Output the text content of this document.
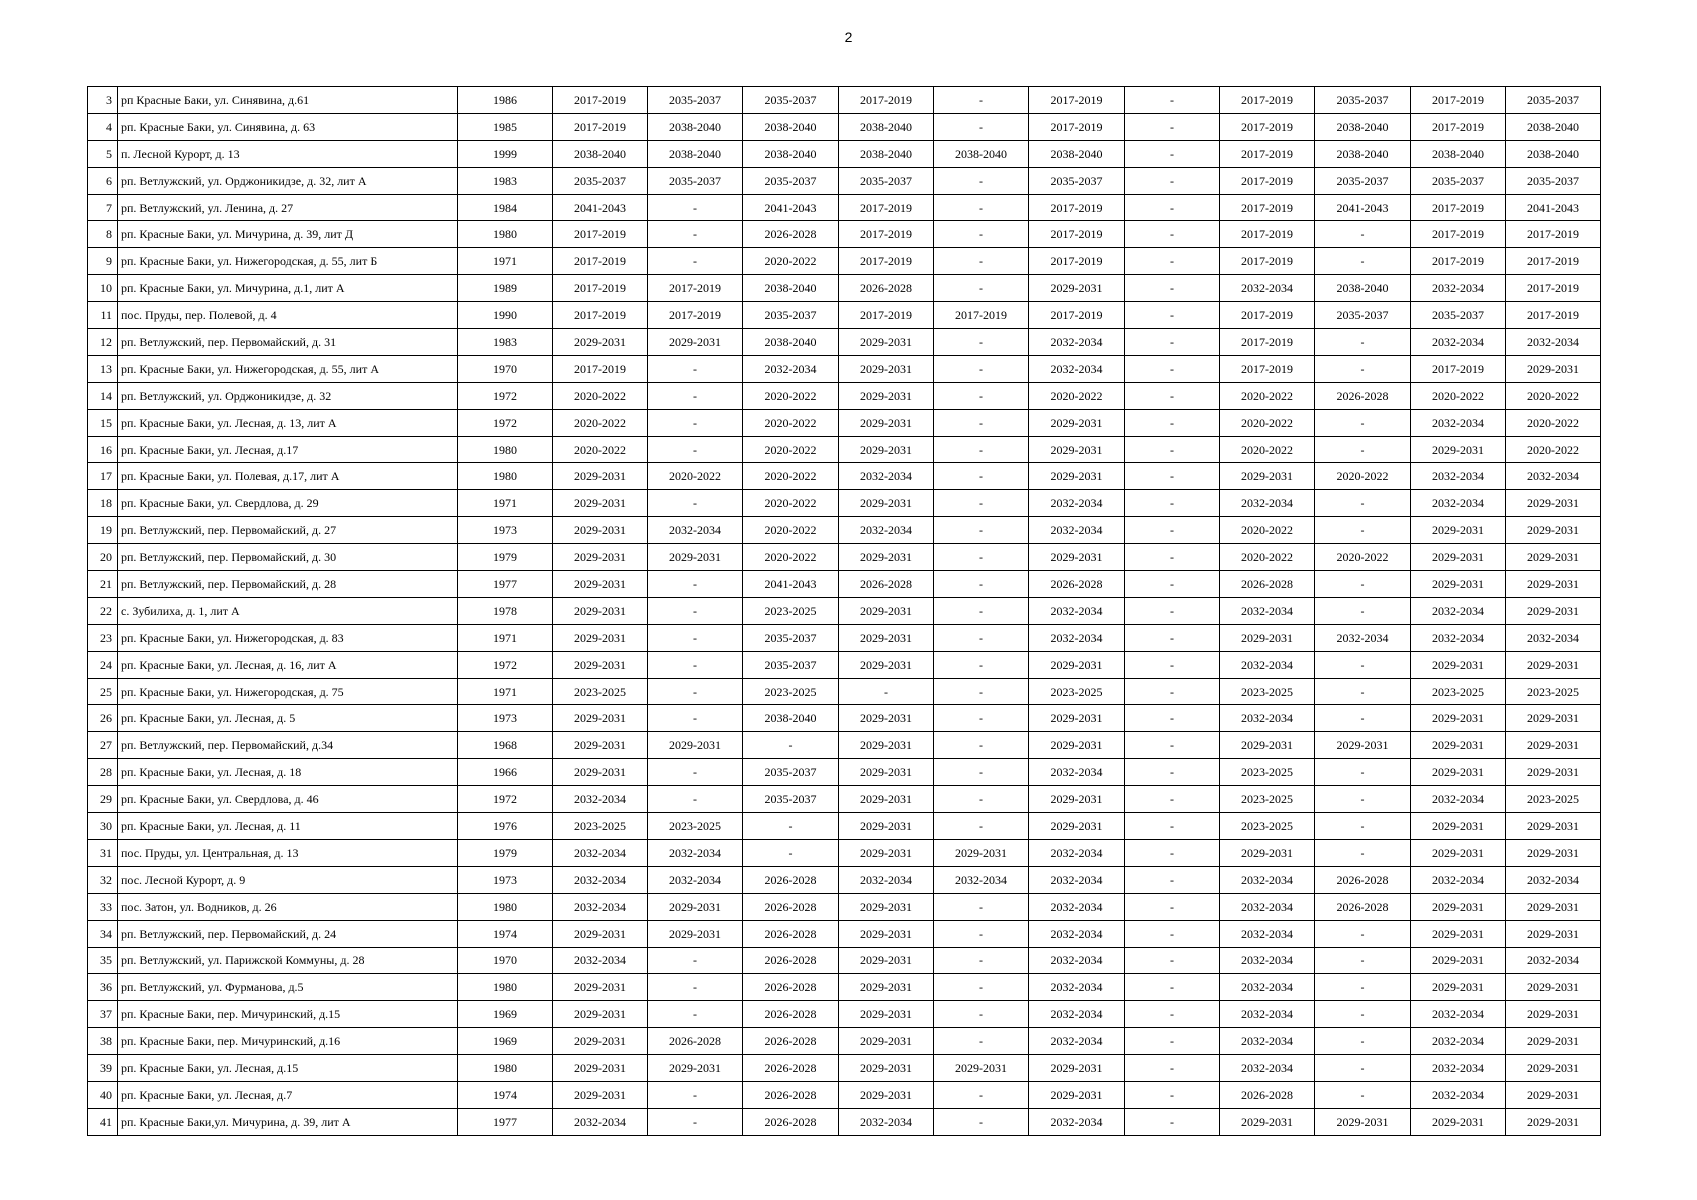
2
3	рп Красные Баки, ул. Синявина, д.61	1986	2017-2019	2035-2037	2035-2037	2017-2019	-	2017-2019	-	2017-2019	2035-2037	2017-2019	2035-2037
4	рп. Красные Баки, ул. Синявина, д. 63	1985	2017-2019	2038-2040	2038-2040	2038-2040	-	2017-2019	-	2017-2019	2038-2040	2017-2019	2038-2040
5	п. Лесной Курорт, д. 13	1999	2038-2040	2038-2040	2038-2040	2038-2040	2038-2040	2038-2040	-	2017-2019	2038-2040	2038-2040	2038-2040
6	рп. Ветлужский, ул. Орджоникидзе, д. 32, лит А	1983	2035-2037	2035-2037	2035-2037	2035-2037	-	2035-2037	-	2017-2019	2035-2037	2035-2037	2035-2037
7	рп. Ветлужский, ул. Ленина, д. 27	1984	2041-2043	-	2041-2043	2017-2019	-	2017-2019	-	2017-2019	2041-2043	2017-2019	2041-2043
8	рп. Красные Баки, ул. Мичурина, д. 39, лит Д	1980	2017-2019	-	2026-2028	2017-2019	-	2017-2019	-	2017-2019	-	2017-2019	2017-2019
9	рп. Красные Баки, ул. Нижегородская, д. 55, лит Б	1971	2017-2019	-	2020-2022	2017-2019	-	2017-2019	-	2017-2019	-	2017-2019	2017-2019
10	рп. Красные Баки, ул. Мичурина, д.1, лит А	1989	2017-2019	2017-2019	2038-2040	2026-2028	-	2029-2031	-	2032-2034	2038-2040	2032-2034	2017-2019
11	пос. Пруды, пер. Полевой, д. 4	1990	2017-2019	2017-2019	2035-2037	2017-2019	2017-2019	2017-2019	-	2017-2019	2035-2037	2035-2037	2017-2019
12	рп. Ветлужский, пер. Первомайский, д. 31	1983	2029-2031	2029-2031	2038-2040	2029-2031	-	2032-2034	-	2017-2019	-	2032-2034	2032-2034
13	рп. Красные Баки, ул. Нижегородская, д. 55, лит А	1970	2017-2019	-	2032-2034	2029-2031	-	2032-2034	-	2017-2019	-	2017-2019	2029-2031
14	рп. Ветлужский, ул. Орджоникидзе, д. 32	1972	2020-2022	-	2020-2022	2029-2031	-	2020-2022	-	2020-2022	2026-2028	2020-2022	2020-2022
15	рп. Красные Баки, ул. Лесная, д. 13, лит А	1972	2020-2022	-	2020-2022	2029-2031	-	2029-2031	-	2020-2022	-	2032-2034	2020-2022
16	рп. Красные Баки, ул. Лесная, д.17	1980	2020-2022	-	2020-2022	2029-2031	-	2029-2031	-	2020-2022	-	2029-2031	2020-2022
17	рп. Красные Баки, ул. Полевая, д.17, лит А	1980	2029-2031	2020-2022	2020-2022	2032-2034	-	2029-2031	-	2029-2031	2020-2022	2032-2034	2032-2034
18	рп. Красные Баки, ул. Свердлова, д. 29	1971	2029-2031	-	2020-2022	2029-2031	-	2032-2034	-	2032-2034	-	2032-2034	2029-2031
19	рп. Ветлужский, пер. Первомайский, д. 27	1973	2029-2031	2032-2034	2020-2022	2032-2034	-	2032-2034	-	2020-2022	-	2029-2031	2029-2031
20	рп. Ветлужский, пер. Первомайский, д. 30	1979	2029-2031	2029-2031	2020-2022	2029-2031	-	2029-2031	-	2020-2022	2020-2022	2029-2031	2029-2031
21	рп. Ветлужский, пер. Первомайский, д. 28	1977	2029-2031	-	2041-2043	2026-2028	-	2026-2028	-	2026-2028	-	2029-2031	2029-2031
22	с. Зубилиха, д. 1, лит А	1978	2029-2031	-	2023-2025	2029-2031	-	2032-2034	-	2032-2034	-	2032-2034	2029-2031
23	рп. Красные Баки, ул. Нижегородская, д. 83	1971	2029-2031	-	2035-2037	2029-2031	-	2032-2034	-	2029-2031	2032-2034	2032-2034	2032-2034
24	рп. Красные Баки, ул. Лесная, д. 16, лит А	1972	2029-2031	-	2035-2037	2029-2031	-	2029-2031	-	2032-2034	-	2029-2031	2029-2031
25	рп. Красные Баки, ул. Нижегородская, д. 75	1971	2023-2025	-	2023-2025	-	-	2023-2025	-	2023-2025	-	2023-2025	2023-2025
26	рп. Красные Баки, ул. Лесная, д. 5	1973	2029-2031	-	2038-2040	2029-2031	-	2029-2031	-	2032-2034	-	2029-2031	2029-2031
27	рп. Ветлужский, пер. Первомайский, д.34	1968	2029-2031	2029-2031	-	2029-2031	-	2029-2031	-	2029-2031	2029-2031	2029-2031	2029-2031
28	рп. Красные Баки, ул. Лесная, д. 18	1966	2029-2031	-	2035-2037	2029-2031	-	2032-2034	-	2023-2025	-	2029-2031	2029-2031
29	рп. Красные Баки, ул. Свердлова, д. 46	1972	2032-2034	-	2035-2037	2029-2031	-	2029-2031	-	2023-2025	-	2032-2034	2023-2025
30	рп. Красные Баки, ул. Лесная, д. 11	1976	2023-2025	2023-2025	-	2029-2031	-	2029-2031	-	2023-2025	-	2029-2031	2029-2031
31	пос. Пруды, ул. Центральная, д. 13	1979	2032-2034	2032-2034	-	2029-2031	2029-2031	2032-2034	-	2029-2031	-	2029-2031	2029-2031
32	пос. Лесной Курорт, д. 9	1973	2032-2034	2032-2034	2026-2028	2032-2034	2032-2034	2032-2034	-	2032-2034	2026-2028	2032-2034	2032-2034
33	пос. Затон, ул. Водников, д. 26	1980	2032-2034	2029-2031	2026-2028	2029-2031	-	2032-2034	-	2032-2034	2026-2028	2029-2031	2029-2031
34	рп. Ветлужский, пер. Первомайский, д. 24	1974	2029-2031	2029-2031	2026-2028	2029-2031	-	2032-2034	-	2032-2034	-	2029-2031	2029-2031
35	рп. Ветлужский, ул. Парижской Коммуны, д. 28	1970	2032-2034	-	2026-2028	2029-2031	-	2032-2034	-	2032-2034	-	2029-2031	2032-2034
36	рп. Ветлужский, ул. Фурманова, д.5	1980	2029-2031	-	2026-2028	2029-2031	-	2032-2034	-	2032-2034	-	2029-2031	2029-2031
37	рп. Красные Баки, пер. Мичуринский, д.15	1969	2029-2031	-	2026-2028	2029-2031	-	2032-2034	-	2032-2034	-	2032-2034	2029-2031
38	рп. Красные Баки, пер. Мичуринский, д.16	1969	2029-2031	2026-2028	2026-2028	2029-2031	-	2032-2034	-	2032-2034	-	2032-2034	2029-2031
39	рп. Красные Баки, ул. Лесная, д.15	1980	2029-2031	2029-2031	2026-2028	2029-2031	2029-2031	2029-2031	-	2032-2034	-	2032-2034	2029-2031
40	рп. Красные Баки, ул. Лесная, д.7	1974	2029-2031	-	2026-2028	2029-2031	-	2029-2031	-	2026-2028	-	2032-2034	2029-2031
41	рп. Красные Баки,ул. Мичурина, д. 39, лит А	1977	2032-2034	-	2026-2028	2032-2034	-	2032-2034	-	2029-2031	2029-2031	2029-2031	2029-2031
